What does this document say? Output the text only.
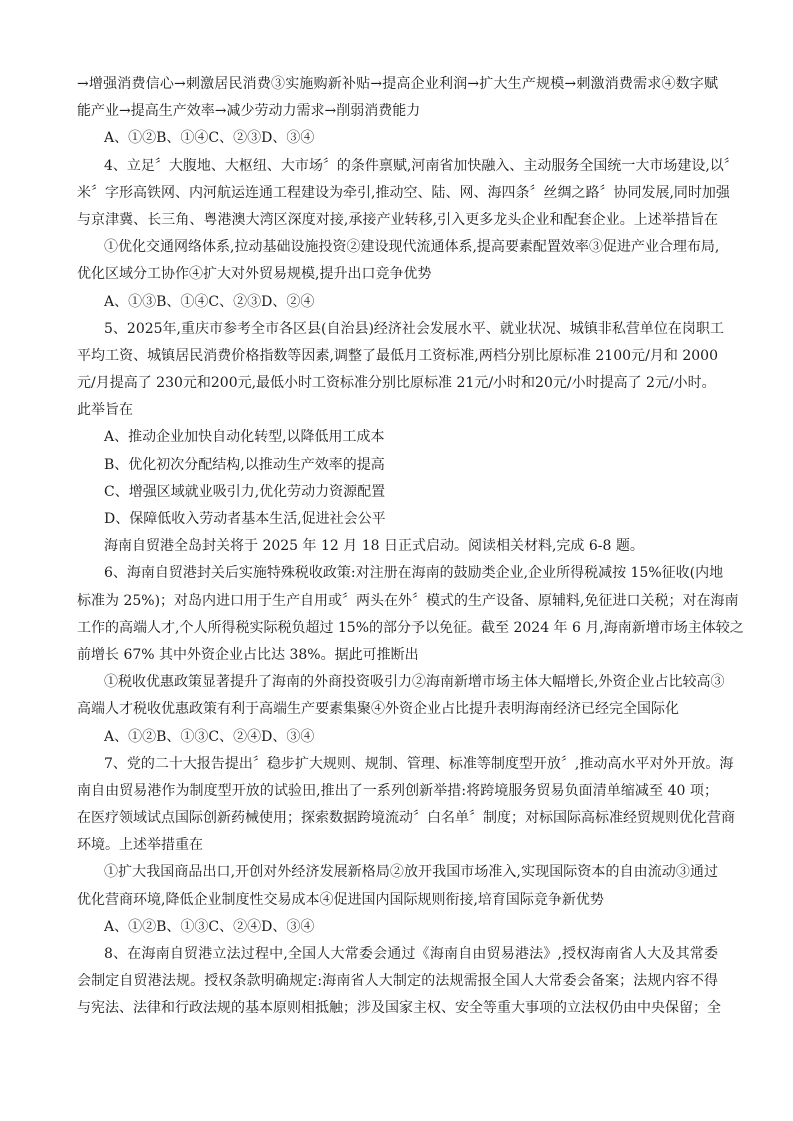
→增强消费信心→刺激居民消费③实施购新补贴→提高企业利润→扩大生产规模→刺激消费需求④数字赋
能产业→提高生产效率→减少劳动力需求→削弱消费能力
A、①②B、①④C、②③D、③④
4、立足〞大腹地、大枢纽、大市场〞的条件禀赋,河南省加快融入、主动服务全国统一大市场建设,以〞
米〞字形高铁网、内河航运连通工程建设为牵引,推动空、陆、网、海四条〞丝绸之路〞协同发展,同时加强
与京津冀、长三角、粤港澳大湾区深度对接,承接产业转移,引入更多龙头企业和配套企业。上述举措旨在
①优化交通网络体系,拉动基础设施投资②建设现代流通体系,提高要素配置效率③促进产业合理布局,
优化区域分工协作④扩大对外贸易规模,提升出口竞争优势
A、①③B、①④C、②③D、②④
5、2025年,重庆市参考全市各区县(自治县)经济社会发展水平、就业状况、城镇非私营单位在岗职工
平均工资、城镇居民消费价格指数等因素,调整了最低月工资标准,两档分别比原标准 2100元/月和 2000
元/月提高了 230元和200元,最低小时工资标准分别比原标准 21元/小时和20元/小时提高了 2元/小时。
此举旨在
A、推动企业加快自动化转型,以降低用工成本
B、优化初次分配结构,以推动生产效率的提高
C、增强区域就业吸引力,优化劳动力资源配置
D、保障低收入劳动者基本生活,促进社会公平
海南自贸港全岛封关将于 2025 年 12 月 18 日正式启动。阅读相关材料,完成 6-8 题。
6、海南自贸港封关后实施特殊税收政策:对注册在海南的鼓励类企业,企业所得税减按 15%征收(内地
标准为 25%)；对岛内进口用于生产自用或〞两头在外〞模式的生产设备、原辅料,免征进口关税；对在海南
工作的高端人才,个人所得税实际税负超过 15%的部分予以免征。截至 2024 年 6 月,海南新增市场主体较之
前增长 67% 其中外资企业占比达 38%。据此可推断出
①税收优惠政策显著提升了海南的外商投资吸引力②海南新增市场主体大幅增长,外资企业占比较高③
高端人才税收优惠政策有利于高端生产要素集聚④外资企业占比提升表明海南经济已经完全国际化
A、①②B、①③C、②④D、③④
7、党的二十大报告提出〞稳步扩大规则、规制、管理、标准等制度型开放〞,推动高水平对外开放。海
南自由贸易港作为制度型开放的试验田,推出了一系列创新举措:将跨境服务贸易负面清单缩减至 40 项；
在医疗领域试点国际创新药械使用；探索数据跨境流动〞白名单〞制度；对标国际高标准经贸规则优化营商
环境。上述举措重在
①扩大我国商品出口,开创对外经济发展新格局②放开我国市场准入,实现国际资本的自由流动③通过
优化营商环境,降低企业制度性交易成本④促进国内国际规则衔接,培育国际竞争新优势
A、①②B、①③C、②④D、③④
8、在海南自贸港立法过程中,全国人大常委会通过《海南自由贸易港法》,授权海南省人大及其常委
会制定自贸港法规。授权条款明确规定:海南省人大制定的法规需报全国人大常委会备案；法规内容不得
与宪法、法律和行政法规的基本原则相抵触；涉及国家主权、安全等重大事项的立法权仍由中央保留；全
